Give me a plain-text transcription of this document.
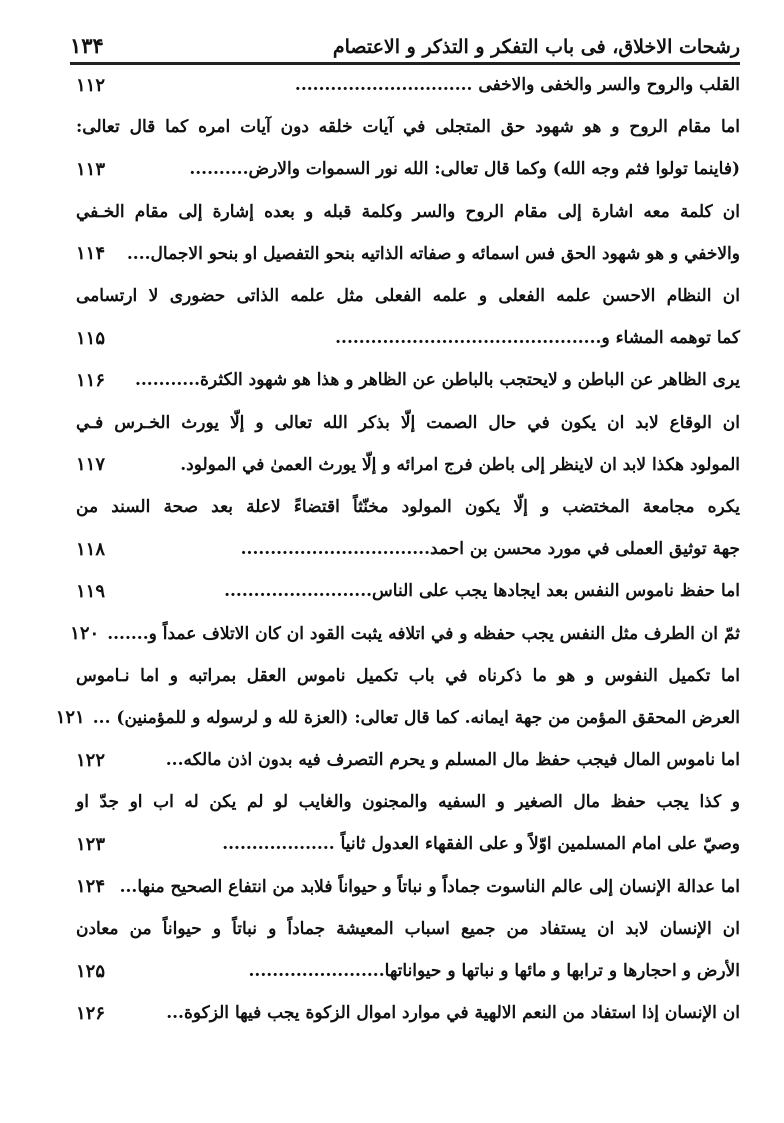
رشحات الاخلاق، فی باب التفکر و التذکر و الاعتصام
١٣۴
القلب والروح والسر والخفی والاخفی ..............................
١١٢
اما مقام الروح و هو شهود حق المتجلی في آيات خلقه دون آيات امره كما قال تعالى:
(فاينما تولوا فثم وجه الله) وكما قال تعالى: الله نور السموات والارض..........
١١٣
ان كلمة معه اشارة إلى مقام الروح والسر وكلمة قبله و بعده إشارة إلى مقام الخـفي
والاخفي و هو شهود الحق فس اسمائه و صفاته الذاتيه بنحو التفصيل او بنحو الاجمال....
١١۴
ان النظام الاحسن علمه الفعلى و علمه الفعلى مثل علمه الذاتى حضورى لا ارتسامى
كما توهمه المشاء و.............................................
١١۵
يرى الظاهر عن الباطن و لايحتجب بالباطن عن الظاهر و هذا هو شهود الكثرة...........
١١۶
ان الوقاع لابد ان يكون في حال الصمت إلّا بذكر الله تعالى و إلّا يورث الخـرس فـي
المولود هكذا لابد ان لاينظر إلى باطن فرج امرائه و إلّا يورث العمىٰ في المولود.
١١٧
يكره مجامعة المختضب و إلّا يكون المولود مخنّثاً اقتضاءً لاعلة بعد صحة السند من
جهة توثيق العملى في مورد محسن بن احمد................................
١١٨
اما حفظ ناموس النفس بعد ايجادها يجب على الناس.........................
١١٩
ثمّ ان الطرف مثل النفس يجب حفظه و في اتلافه يثبت القود ان كان الاتلاف عمداً و.......
١٢٠
اما تكميل النفوس و هو ما ذكرناه في باب تكميل ناموس العقل بمراتبه و اما نـاموس
العرض المحقق المؤمن من جهة ايمانه. كما قال تعالى: (العزة لله و لرسوله و للمؤمنين) ...
١٢١
اما ناموس المال فيجب حفظ مال المسلم و يحرم التصرف فيه بدون اذن مالكه...
١٢٢
و كذا يجب حفظ مال الصغير و السفيه والمجنون والغايب لو لم يكن له اب او جدّ او
وصيّ على امام المسلمين اوّلاً و على الفقهاء العدول ثانياً ...................
١٢٣
اما عدالة الإنسان إلى عالم الناسوت جماداً و نباتاً و حيواناً فلابد من انتفاع الصحيح منها...
١٢۴
ان الإنسان لابد ان يستفاد من جميع اسباب المعيشة جماداً و نباتاً و حيواناً من معادن
الأرض و احجارها و ترابها و مائها و نباتها و حيواناتها.......................
١٢۵
ان الإنسان إذا استفاد من النعم الالهية في موارد اموال الزكوة يجب فيها الزكوة...
١٢۶
